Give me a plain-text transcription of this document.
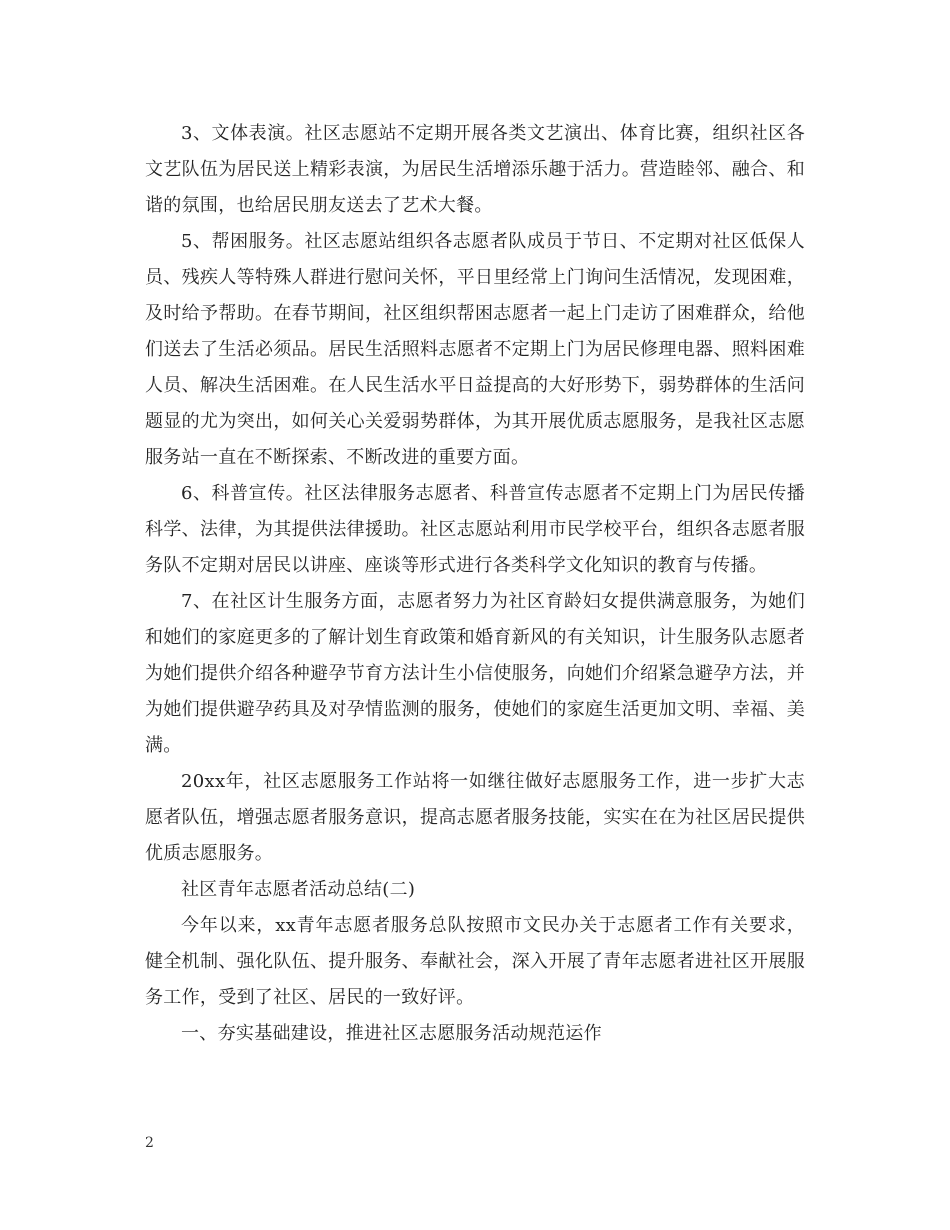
3、文体表演。社区志愿站不定期开展各类文艺演出、体育比赛，组织社区各文艺队伍为居民送上精彩表演，为居民生活增添乐趣于活力。营造睦邻、融合、和谐的氛围，也给居民朋友送去了艺术大餐。

5、帮困服务。社区志愿站组织各志愿者队成员于节日、不定期对社区低保人员、残疾人等特殊人群进行慰问关怀，平日里经常上门询问生活情况，发现困难，及时给予帮助。在春节期间，社区组织帮困志愿者一起上门走访了困难群众，给他们送去了生活必须品。居民生活照料志愿者不定期上门为居民修理电器、照料困难人员、解决生活困难。在人民生活水平日益提高的大好形势下，弱势群体的生活问题显的尤为突出，如何关心关爱弱势群体，为其开展优质志愿服务，是我社区志愿服务站一直在不断探索、不断改进的重要方面。

6、科普宣传。社区法律服务志愿者、科普宣传志愿者不定期上门为居民传播科学、法律，为其提供法律援助。社区志愿站利用市民学校平台，组织各志愿者服务队不定期对居民以讲座、座谈等形式进行各类科学文化知识的教育与传播。

7、在社区计生服务方面，志愿者努力为社区育龄妇女提供满意服务，为她们和她们的家庭更多的了解计划生育政策和婚育新风的有关知识，计生服务队志愿者为她们提供介绍各种避孕节育方法计生小信使服务，向她们介绍紧急避孕方法，并为她们提供避孕药具及对孕情监测的服务，使她们的家庭生活更加文明、幸福、美满。

20xx年，社区志愿服务工作站将一如继往做好志愿服务工作，进一步扩大志愿者队伍，增强志愿者服务意识，提高志愿者服务技能，实实在在为社区居民提供优质志愿服务。

社区青年志愿者活动总结(二)

今年以来，xx青年志愿者服务总队按照市文民办关于志愿者工作有关要求，健全机制、强化队伍、提升服务、奉献社会，深入开展了青年志愿者进社区开展服务工作，受到了社区、居民的一致好评。

一、夯实基础建设，推进社区志愿服务活动规范运作

2
